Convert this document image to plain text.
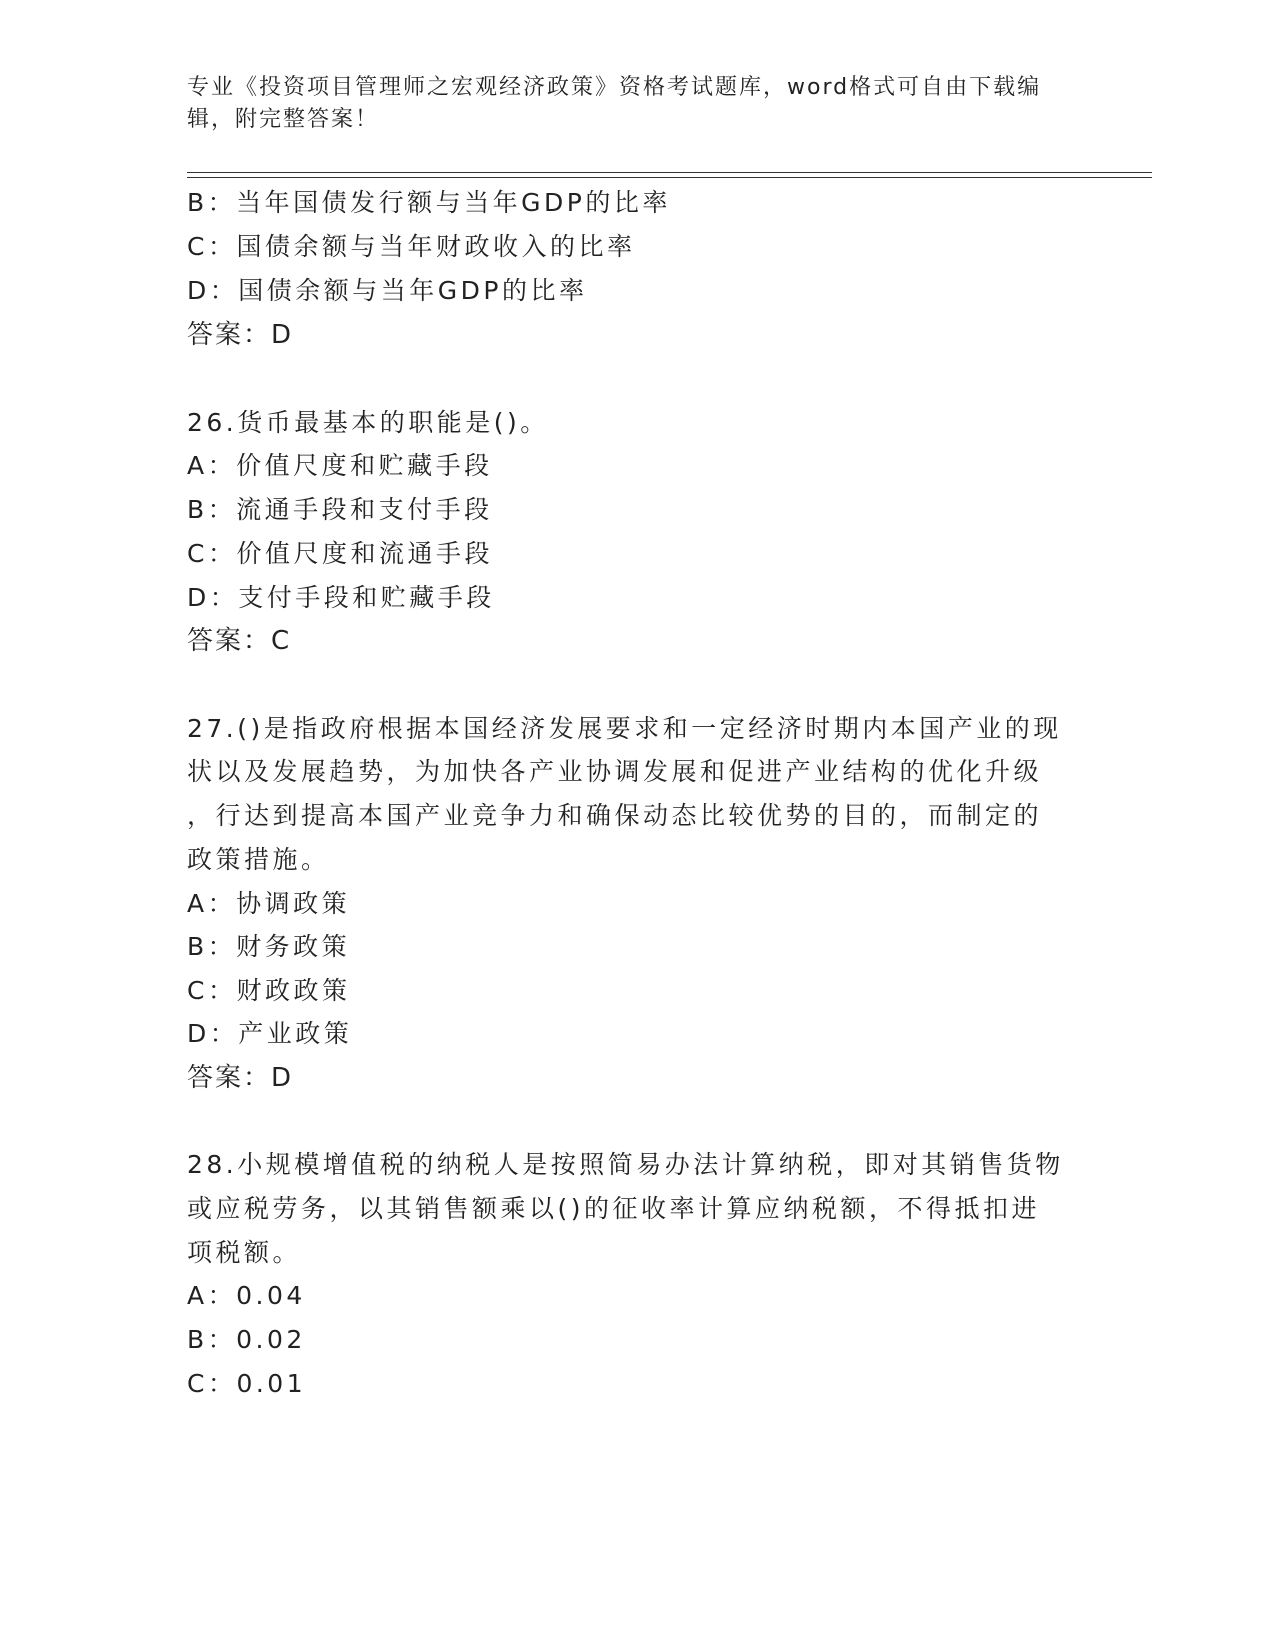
专业《投资项目管理师之宏观经济政策》资格考试题库，word格式可自由下载编
辑，附完整答案！
B：当年国债发行额与当年GDP的比率
C：国债余额与当年财政收入的比率
D：国债余额与当年GDP的比率
答案：D
26.货币最基本的职能是()。
A：价值尺度和贮藏手段
B：流通手段和支付手段
C：价值尺度和流通手段
D：支付手段和贮藏手段
答案：C
27.()是指政府根据本国经济发展要求和一定经济时期内本国产业的现
状以及发展趋势，为加快各产业协调发展和促进产业结构的优化升级
，行达到提高本国产业竞争力和确保动态比较优势的目的，而制定的
政策措施。
A：协调政策
B：财务政策
C：财政政策
D：产业政策
答案：D
28.小规模增值税的纳税人是按照简易办法计算纳税，即对其销售货物
或应税劳务，以其销售额乘以()的征收率计算应纳税额，不得抵扣进
项税额。
A：0.04
B：0.02
C：0.01
